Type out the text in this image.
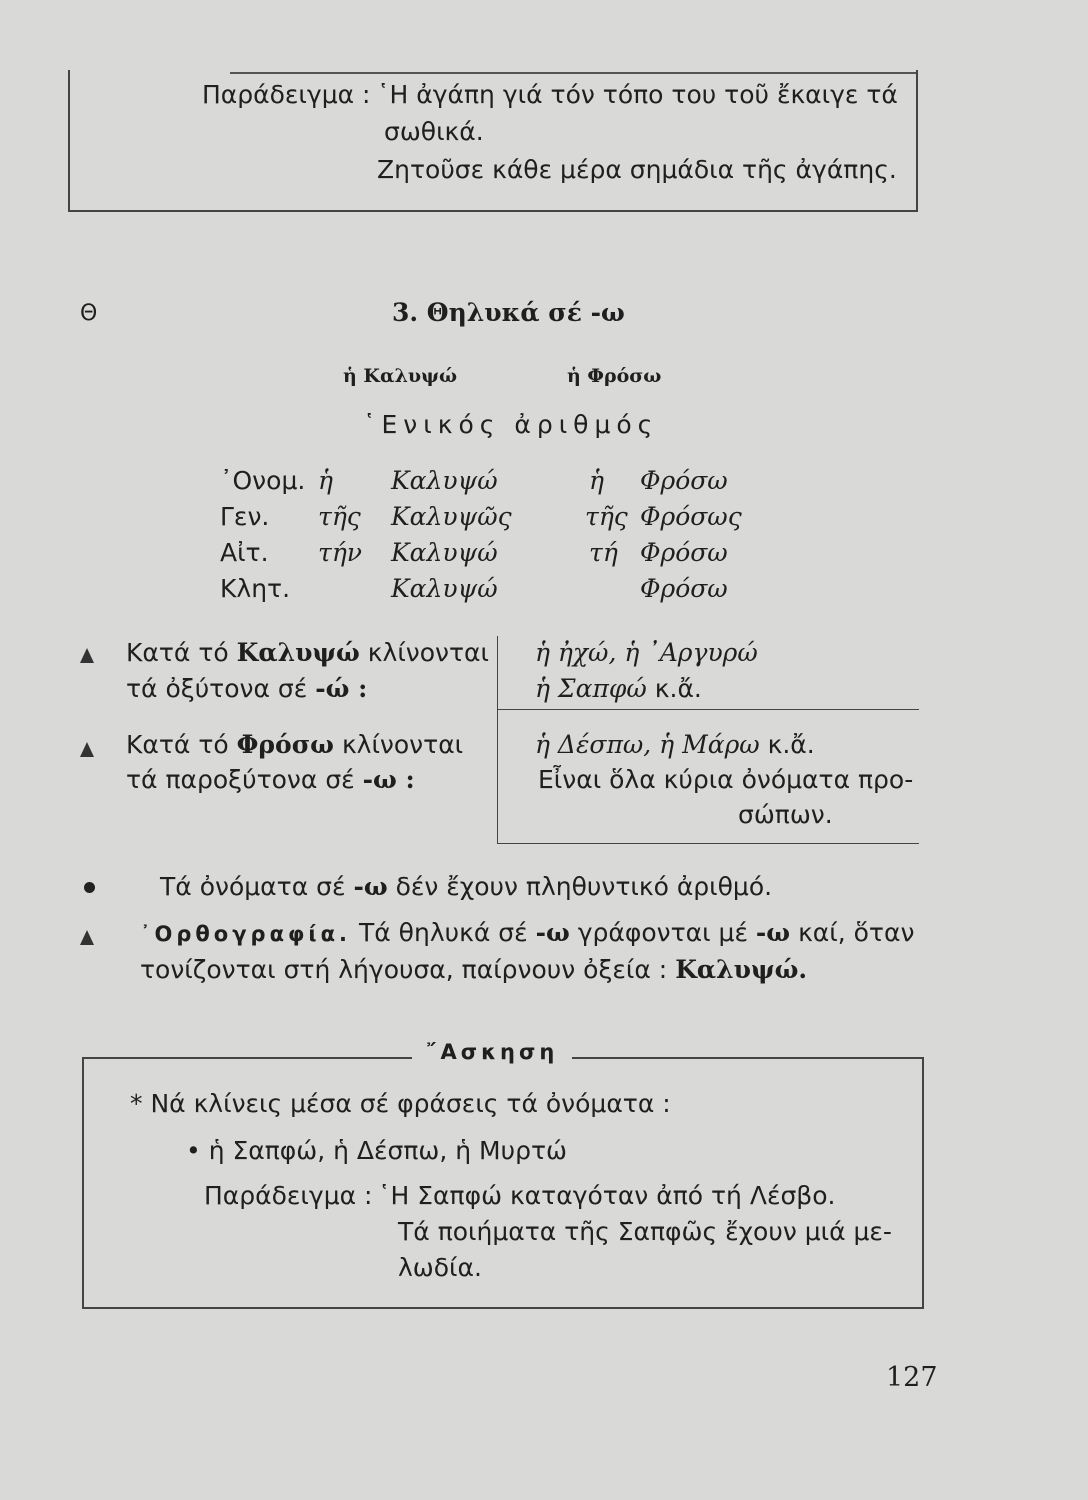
Παράδειγμα : ῾Η ἀγάπη γιά τόν τόπο του τοῦ ἔκαιγε τά
σωθικά.
Ζητοῦσε κάθε μέρα σημάδια τῆς ἀγάπης.
Θ	3. Θηλυκά σέ -ω
ἡ Καλυψώ	ἡ Φρόσω
῾Ενικός ἀριθμός
᾿Ονομ. ἡ Καλυψώ	ἡ Φρόσω
Γεν. τῆς Καλυψῶς	τῆς Φρόσως
Αἰτ. τήν Καλυψώ	τή Φρόσω
Κλητ.	Καλυψώ	Φρόσω
Κατά τό Καλυψώ κλίνονται
τά ὀξύτονα σέ -ώ :
ἡ ἠχώ, ἡ ᾿Αργυρώ
ἡ Σαπφώ κ.ἄ.
Κατά τό Φρόσω κλίνονται
τά παροξύτονα σέ -ω :
ἡ Δέσπω, ἡ Μάρω κ.ἄ.
Εἶναι ὅλα κύρια ὀνόματα προ-
σώπων.
Τά ὀνόματα σέ -ω δέν ἔχουν πληθυντικό ἀριθμό.
᾿Ορθογραφία. Τά θηλυκά σέ -ω γράφονται μέ -ω καί, ὅταν
τονίζονται στή λήγουσα, παίρνουν ὀξεία : Καλυψώ.
῎Ασκηση
* Νά κλίνεις μέσα σέ φράσεις τά ὀνόματα :
• ἡ Σαπφώ, ἡ Δέσπω, ἡ Μυρτώ
Παράδειγμα : ῾Η Σαπφώ καταγόταν ἀπό τή Λέσβο.
Τά ποιήματα τῆς Σαπφῶς ἔχουν μιά με-
λωδία.
127
